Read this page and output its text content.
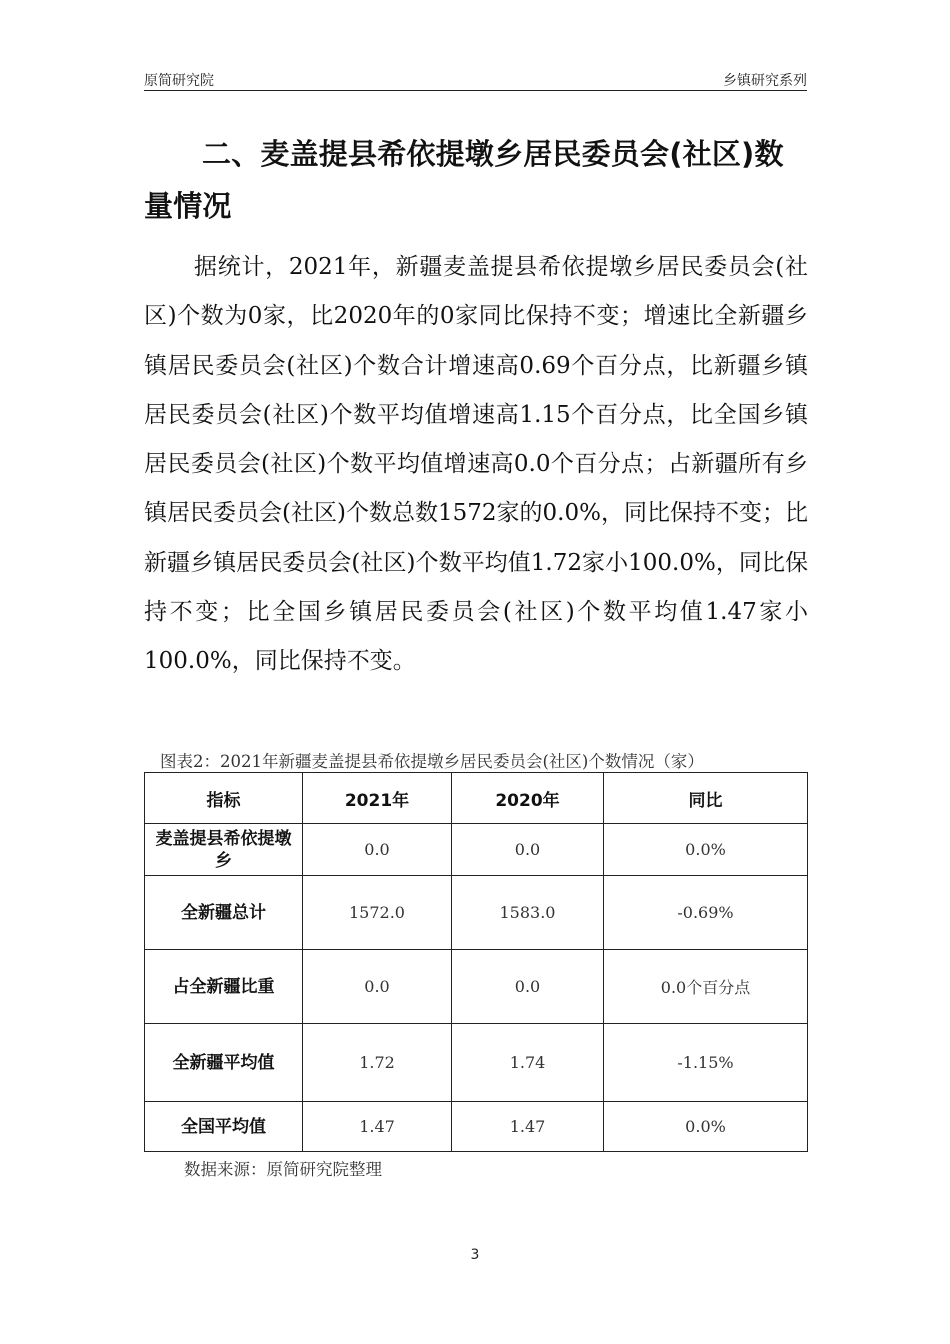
原简研究院	乡镇研究系列
二、麦盖提县希依提墩乡居民委员会(社区)数量情况

据统计，2021年，新疆麦盖提县希依提墩乡居民委员会(社区)个数为0家，比2020年的0家同比保持不变；增速比全新疆乡镇居民委员会(社区)个数合计增速高0.69个百分点，比新疆乡镇居民委员会(社区)个数平均值增速高1.15个百分点，比全国乡镇居民委员会(社区)个数平均值增速高0.0个百分点；占新疆所有乡镇居民委员会(社区)个数总数1572家的0.0%，同比保持不变；比新疆乡镇居民委员会(社区)个数平均值1.72家小100.0%，同比保持不变；比全国乡镇居民委员会(社区)个数平均值1.47家小100.0%，同比保持不变。

图表2：2021年新疆麦盖提县希依提墩乡居民委员会(社区)个数情况（家）
指标	2021年	2020年	同比
麦盖提县希依提墩乡	0.0	0.0	0.0%
全新疆总计	1572.0	1583.0	-0.69%
占全新疆比重	0.0	0.0	0.0个百分点
全新疆平均值	1.72	1.74	-1.15%
全国平均值	1.47	1.47	0.0%
数据来源：原简研究院整理
3
